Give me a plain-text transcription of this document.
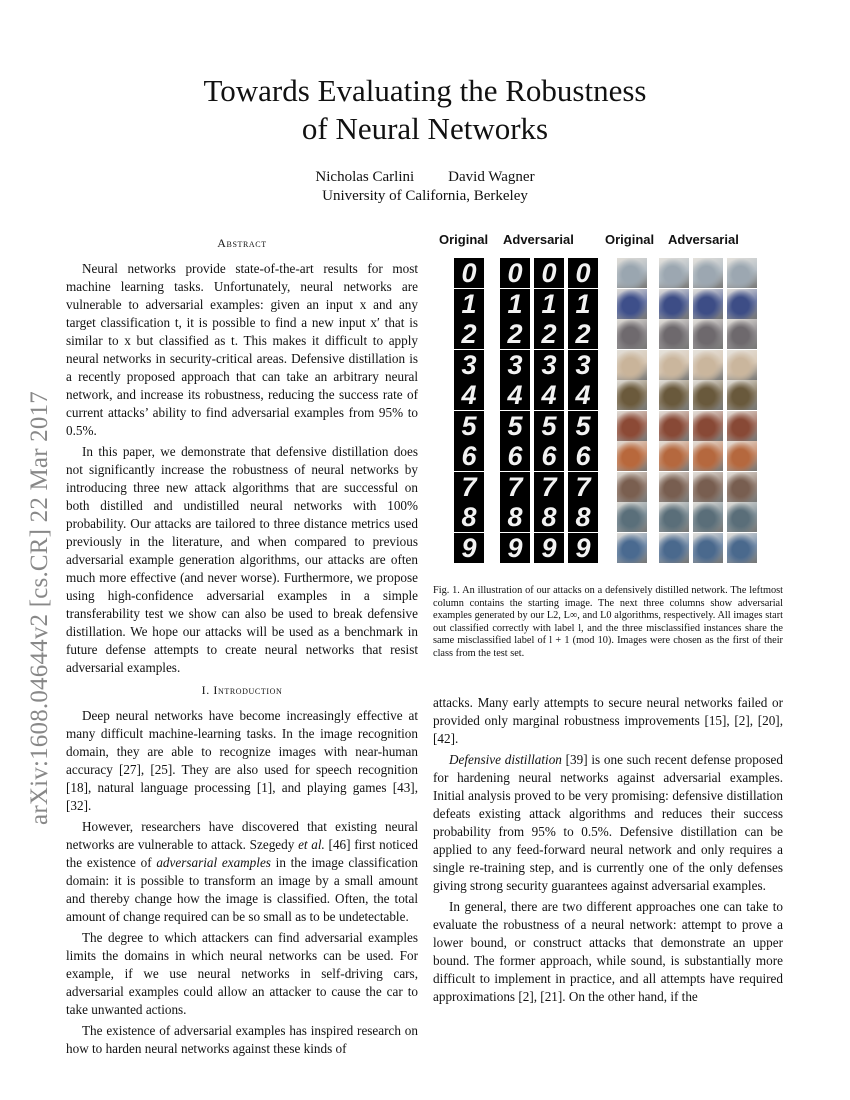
Towards Evaluating the Robustness
of Neural Networks
Nicholas Carlini David Wagner
University of California, Berkeley
arXiv:1608.04644v2 [cs.CR] 22 Mar 2017
Abstract

Neural networks provide state-of-the-art results for most machine learning tasks. Unfortunately, neural networks are vulnerable to adversarial examples: given an input x and any target classification t, it is possible to find a new input x′ that is similar to x but classified as t. This makes it difficult to apply neural networks in security-critical areas. Defensive distillation is a recently proposed approach that can take an arbitrary neural network, and increase its robustness, reducing the success rate of current attacks’ ability to find adversarial examples from 95% to 0.5%.

In this paper, we demonstrate that defensive distillation does not significantly increase the robustness of neural networks by introducing three new attack algorithms that are successful on both distilled and undistilled neural networks with 100% probability. Our attacks are tailored to three distance metrics used previously in the literature, and when compared to previous adversarial example generation algorithms, our attacks are often much more effective (and never worse). Furthermore, we propose using high-confidence adversarial examples in a simple transferability test we show can also be used to break defensive distillation. We hope our attacks will be used as a benchmark in future defense attempts to create neural networks that resist adversarial examples.

I. Introduction

Deep neural networks have become increasingly effective at many difficult machine-learning tasks. In the image recognition domain, they are able to recognize images with near-human accuracy [27], [25]. They are also used for speech recognition [18], natural language processing [1], and playing games [43], [32].

However, researchers have discovered that existing neural networks are vulnerable to attack. Szegedy et al. [46] first noticed the existence of adversarial examples in the image classification domain: it is possible to transform an image by a small amount and thereby change how the image is classified. Often, the total amount of change required can be so small as to be undetectable.

The degree to which attackers can find adversarial examples limits the domains in which neural networks can be used. For example, if we use neural networks in self-driving cars, adversarial examples could allow an attacker to cause the car to take unwanted actions.

The existence of adversarial examples has inspired research on how to harden neural networks against these kinds of

Original Adversarial Original Adversarial
0 0 0 0
1 1 1 1
2 2 2 2
3 3 3 3
4 4 4 4
5 5 5 5
6 6 6 6
7 7 7 7
8 8 8 8
9 9 9 9
Fig. 1. An illustration of our attacks on a defensively distilled network. The leftmost column contains the starting image. The next three columns show adversarial examples generated by our L2, L∞, and L0 algorithms, respectively. All images start out classified correctly with label l, and the three misclassified instances share the same misclassified label of l + 1 (mod 10). Images were chosen as the first of their class from the test set.

attacks. Many early attempts to secure neural networks failed or provided only marginal robustness improvements [15], [2], [20], [42].

Defensive distillation [39] is one such recent defense proposed for hardening neural networks against adversarial examples. Initial analysis proved to be very promising: defensive distillation defeats existing attack algorithms and reduces their success probability from 95% to 0.5%. Defensive distillation can be applied to any feed-forward neural network and only requires a single re-training step, and is currently one of the only defenses giving strong security guarantees against adversarial examples.

In general, there are two different approaches one can take to evaluate the robustness of a neural network: attempt to prove a lower bound, or construct attacks that demonstrate an upper bound. The former approach, while sound, is substantially more difficult to implement in practice, and all attempts have required approximations [2], [21]. On the other hand, if the
